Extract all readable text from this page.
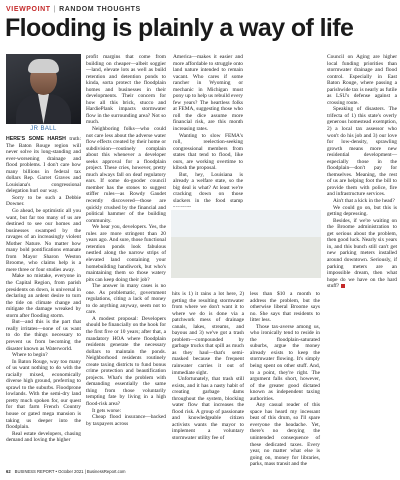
VIEWPOINT | RANDOM THOUGHTS
Flooding is plainly a way of life
JR BALL

HERE'S SOME HARSH truth: The Baton Rouge region will never solve its long-standing and ever-worsening drainage and flood problems. I don't care how many billions in federal tax dollars Rep. Garret Graves and Louisiana's congressional delegation hurl our way.

Sorry to be such a Debbie Downer.

Go ahead, be optimistic all you want, but far too many of us are destined to see our homes and businesses swamped by the ravages of an increasingly violent Mother Nature. No matter how many bold pontifications emanate from Mayor Sharon Weston Broome, who claims help is a mere three or four studies away.

Make no mistake, everyone in the Capital Region, from parish presidents on down, is universal in declaring an ardent desire to turn the tide on climate change and mitigate the damage wreaked by storm after flooding storm.

But—and this is the part that really irritates—none of us want to do the things necessary to prevent us from becoming the disaster known as Waterworld.

Where to begin?

In Baton Rouge, way too many of us want nothing to do with the racially mixed, economically diverse high ground, preferring to sprawl to the suburbs. Floodprone lowlands. With the semi-dry land pretty much spoken for, our quest for that farm French Country house or gated mega mansion is taking us deeper into the floodplain.

Real estate developers, chasing demand and loving the higher

profit margins that come from building on cheaper—albeit soggier—land, elevate lots as well as build retention and detention ponds to kinda, sorta protect the floodplain homes and businesses in their developments. Their concern for how all this brick, stucco and HardiePlank impacts stormwater flow in the surrounding area? Not so much.

Neighboring folks—who could not care less about the adverse water flow effects created by their home or subdivision—routinely complain about this whenever a developer seeks approval for a floodplain project. These cries, however, pretty much always fall on deaf regulatory ears. If some do-gooder council member has the stones to suggest stiffer rules—as Rowdy Gaudet recently discovered—those are quickly crushed by the financial and political hammer of the building community.

We hear you, developers. Yes, the rules are more stringent than 20 years ago. And sure, those functional retention ponds look fabulous nestled along the narrow strips of elevated land containing your homebuilding handiwork, but who's maintaining them so those watery pits can keep doing their job?

The answer in many cases is no one. As problematic, government regulations, citing a lack of money to do anything anyway, seem not to care.

A modest proposal: Developers should be financially on the hook for the first five or 10 years; after that, a mandatory HOA where floodplain residents generate the necessary dollars to maintain the ponds. Neighborhood residents routinely create taxing districts to fund bonus crime protection and beautification projects. What's the problem with demanding essentially the same thing from those voluntarily tempting fate by living in a high flood-risk area?

It gets worse:

Cheap flood insurance—backed by taxpayers across

America—makes it easier and more affordable to struggle onto land nature intended to remain vacant. Who cares if some rancher in Wyoming or mechanic in Michigan must pony up to help us rebuild every few years? The heartless folks at FEMA, suggesting those who roll the dice assume more financial risk, are this month increasing rates.

Wanting to slow FEMA's roll, reelection-seeking congressional members from states that tend to flood, like ours, are working overtime to kibosh the proposal.

But, hey, Louisiana is already a welfare state, so the big deal is what? At least we're cracking down on those slackers in the food stamp

hits is 1) it rains a lot here, 2) getting the resulting stormwater from where we don't want it to where we do is done via a patchwork mess of drainage canals, lakes, streams, and bayous and 3) we've got a trash problem—compounded by garbage trucks that spill as much as they haul—that's semi-masked because the frequent rainwater carries it out of immediate sight.

Unfortunately, that trash still exists, and it has a nasty habit of creating garbage dams throughout the system, blocking water flow that increases the flood risk. A group of passionate and knowledgeable citizen activists wants the mayor to implement a voluntary stormwater utility fee of

less than $10 a month to address the problem, but the otherwise liberal Broome says no. She says that residents to litter less.

Those tax-averse among us, who ironically tend to reside in the floodplain-saturated suburbs, argue the money already exists to keep the stormwater flowing. It's simply being spent on other stuff. And, to a point, they're right. The argument falls short, however, of the greater good dictated known as independent taxing authorities.

Any casual reader of this space has heard my incessant beat of this drum, so I'll spare everyone the headache. Yet, there's no denying the unintended consequence of these dedicated taxes. Every year, no matter what else is going on, money for libraries, parks, mass transit and the

Council on Aging are higher local funding priorities than stormwater drainage and flood control. Especially in East Baton Rouge, where passing a parishwide tax is nearly as futile as LSU's defense against a crossing route.

Speaking of disasters. The trifecta of 1) this state's overly generous homestead exemption, 2) a local tax assessor who won't do his job and 3) our love for low-density, sprawling growth means more new residential development—especially those in the floodplain—don't pay for themselves. Meaning, the rest of us are helping foot the bill to provide them with police, fire and infrastructure services.

Ain't that a kick in the head?

We could go on, but this is getting depressing.

Besides, if we're waiting on the Broome administration to get serious about the problem, then good luck. Nearly six years in, and this bunch still can't get new parking meters installed around downtown. Seriously, if parking meters are an impossible dream, then what hope do we have on the hard stuff?

62 BUSINESS REPORT • October 2021 | BusinessReport.com
